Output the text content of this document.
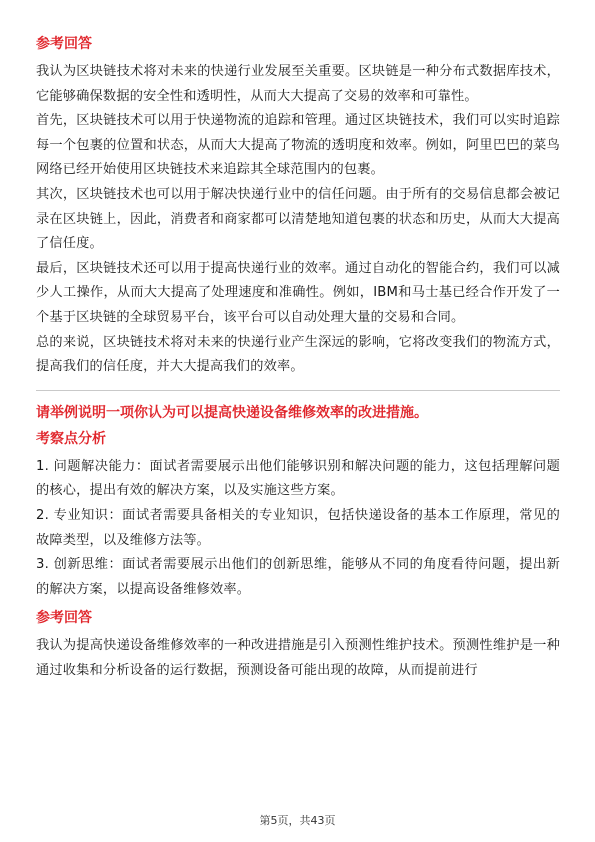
参考回答

我认为区块链技术将对未来的快递行业发展至关重要。区块链是一种分布式数据库技术，它能够确保数据的安全性和透明性，从而大大提高了交易的效率和可靠性。

首先，区块链技术可以用于快递物流的追踪和管理。通过区块链技术，我们可以实时追踪每一个包裹的位置和状态，从而大大提高了物流的透明度和效率。例如，阿里巴巴的菜鸟网络已经开始使用区块链技术来追踪其全球范围内的包裹。

其次，区块链技术也可以用于解决快递行业中的信任问题。由于所有的交易信息都会被记录在区块链上，因此，消费者和商家都可以清楚地知道包裹的状态和历史，从而大大提高了信任度。

最后，区块链技术还可以用于提高快递行业的效率。通过自动化的智能合约，我们可以减少人工操作，从而大大提高了处理速度和准确性。例如，IBM和马士基已经合作开发了一个基于区块链的全球贸易平台，该平台可以自动处理大量的交易和合同。

总的来说，区块链技术将对未来的快递行业产生深远的影响，它将改变我们的物流方式，提高我们的信任度，并大大提高我们的效率。

请举例说明一项你认为可以提高快递设备维修效率的改进措施。
考察点分析

1. 问题解决能力：面试者需要展示出他们能够识别和解决问题的能力，这包括理解问题的核心，提出有效的解决方案，以及实施这些方案。

2. 专业知识：面试者需要具备相关的专业知识，包括快递设备的基本工作原理，常见的故障类型，以及维修方法等。

3. 创新思维：面试者需要展示出他们的创新思维，能够从不同的角度看待问题，提出新的解决方案，以提高设备维修效率。

参考回答

我认为提高快递设备维修效率的一种改进措施是引入预测性维护技术。预测性维护是一种通过收集和分析设备的运行数据，预测设备可能出现的故障，从而提前进行

第5页，共43页
